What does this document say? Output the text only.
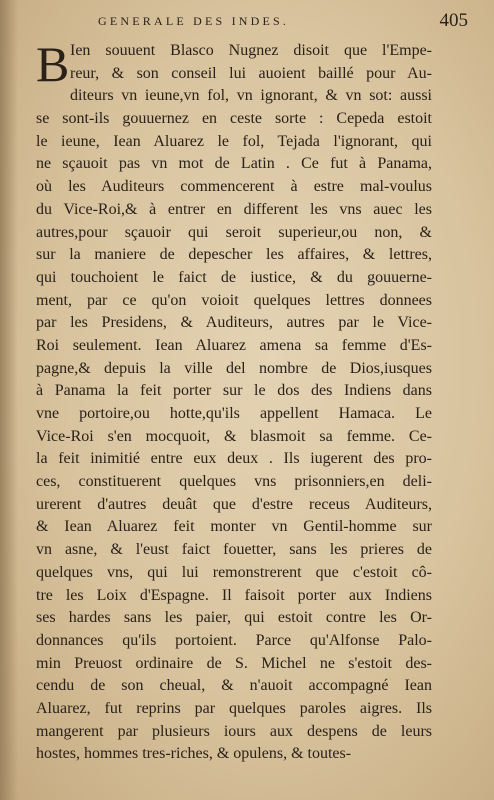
GENERALE DES INDES.	405
B Ien souuent Blasco Nugnez disoit que l'Empe-
reur, & son conseil lui auoient baillé pour Au-
diteurs vn ieune,vn fol, vn ignorant, & vn sot: aussi
se sont-ils gouuernez en ceste sorte : Cepeda estoit
le ieune, Iean Aluarez le fol, Tejada l'ignorant, qui
ne sçauoit pas vn mot de Latin . Ce fut à Panama,
où les Auditeurs commencerent à estre mal-voulus
du Vice-Roi,& à entrer en different les vns auec les
autres,pour sçauoir qui seroit superieur,ou non, &
sur la maniere de depescher les affaires, & lettres,
qui touchoient le faict de iustice, & du gouuerne-
ment, par ce qu'on voioit quelques lettres donnees
par les Presidens, & Auditeurs, autres par le Vice-
Roi seulement. Iean Aluarez amena sa femme d'Es-
pagne,& depuis la ville del nombre de Dios,iusques
à Panama la feit porter sur le dos des Indiens dans
vne portoire,ou hotte,qu'ils appellent Hamaca. Le
Vice-Roi s'en mocquoit, & blasmoit sa femme. Ce-
la feit inimitié entre eux deux . Ils iugerent des pro-
ces, constituerent quelques vns prisonniers,en deli-
urerent d'autres deuât que d'estre receus Auditeurs,
& Iean Aluarez feit monter vn Gentil-homme sur
vn asne, & l'eust faict fouetter, sans les prieres de
quelques vns, qui lui remonstrerent que c'estoit cô-
tre les Loix d'Espagne. Il faisoit porter aux Indiens
ses hardes sans les paier, qui estoit contre les Or-
donnances qu'ils portoient. Parce qu'Alfonse Palo-
min Preuost ordinaire de S. Michel ne s'estoit des-
cendu de son cheual, & n'auoit accompagné Iean
Aluarez, fut reprins par quelques paroles aigres. Ils
mangerent par plusieurs iours aux despens de leurs
hostes, hommes tres-riches, & opulens, & toutes-
